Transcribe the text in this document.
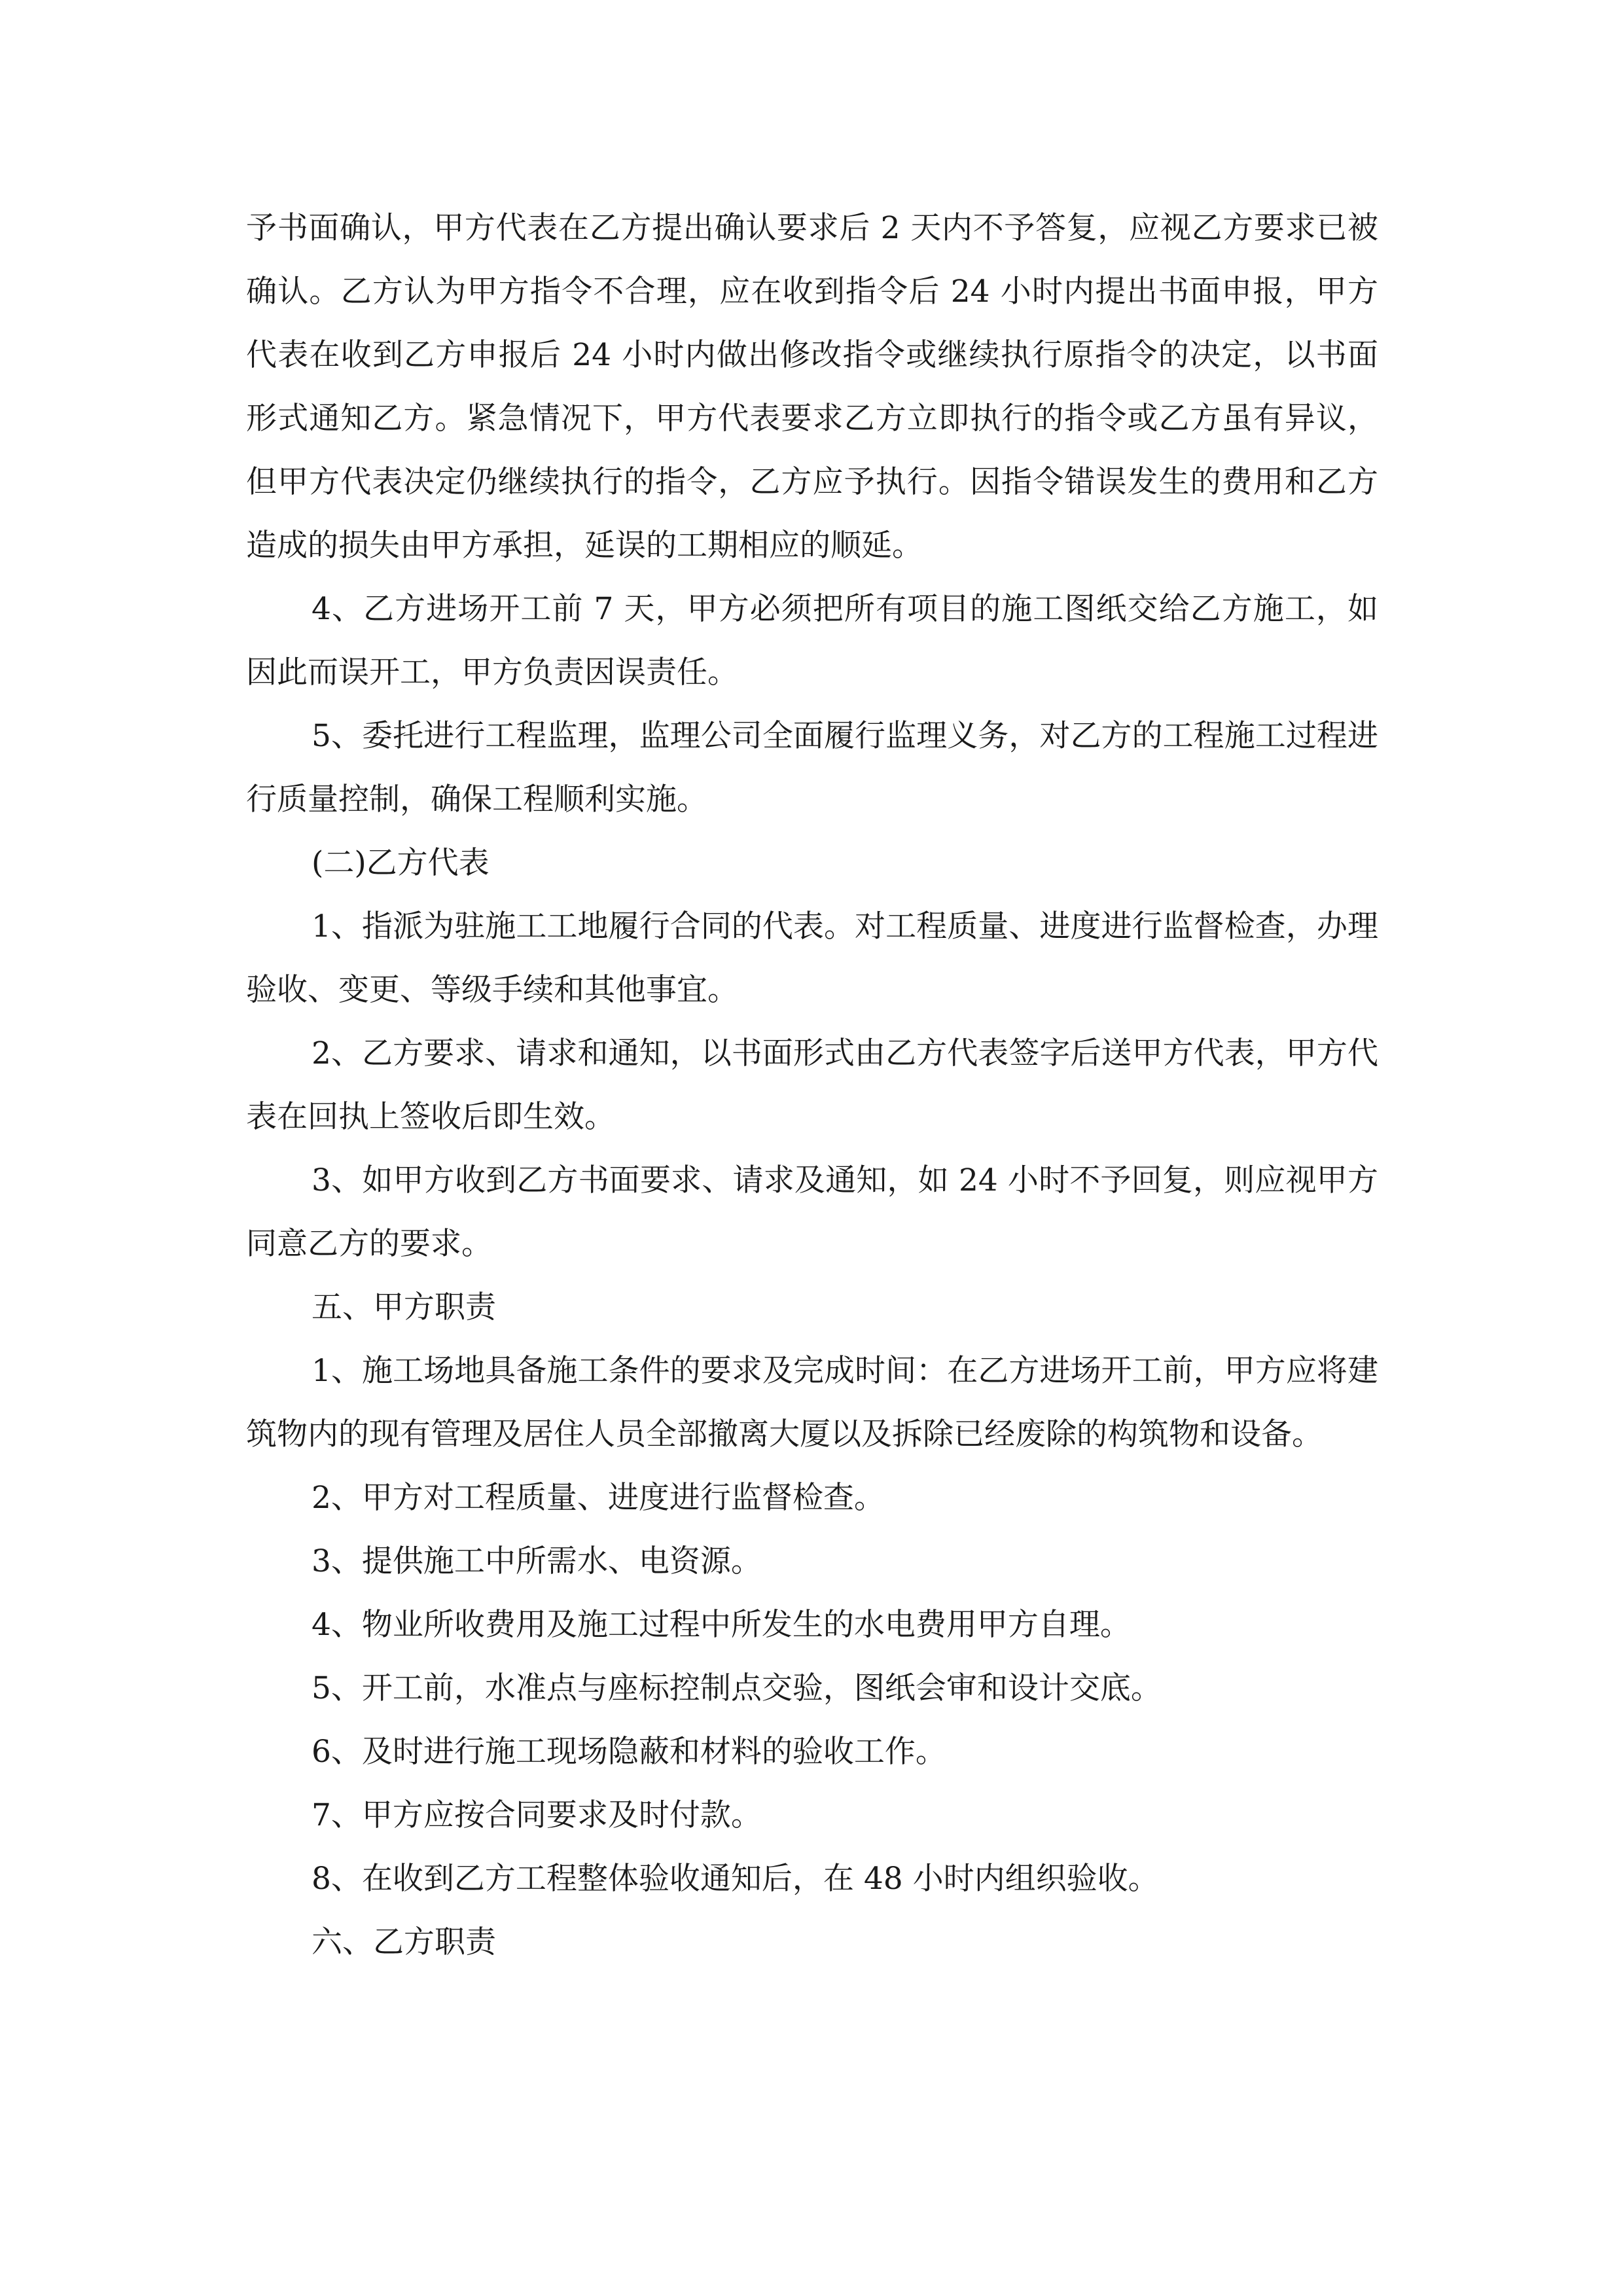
予书面确认，甲方代表在乙方提出确认要求后 2 天内不予答复，应视乙方要求已被确认。乙方认为甲方指令不合理，应在收到指令后 24 小时内提出书面申报，甲方代表在收到乙方申报后 24 小时内做出修改指令或继续执行原指令的决定，以书面形式通知乙方。紧急情况下，甲方代表要求乙方立即执行的指令或乙方虽有异议，但甲方代表决定仍继续执行的指令，乙方应予执行。因指令错误发生的费用和乙方造成的损失由甲方承担，延误的工期相应的顺延。

4、乙方进场开工前 7 天，甲方必须把所有项目的施工图纸交给乙方施工，如因此而误开工，甲方负责因误责任。

5、委托进行工程监理，监理公司全面履行监理义务，对乙方的工程施工过程进行质量控制，确保工程顺利实施。

(二)乙方代表

1、指派为驻施工工地履行合同的代表。对工程质量、进度进行监督检查，办理验收、变更、等级手续和其他事宜。

2、乙方要求、请求和通知，以书面形式由乙方代表签字后送甲方代表，甲方代表在回执上签收后即生效。

3、如甲方收到乙方书面要求、请求及通知，如 24 小时不予回复，则应视甲方同意乙方的要求。

五、甲方职责

1、施工场地具备施工条件的要求及完成时间：在乙方进场开工前，甲方应将建筑物内的现有管理及居住人员全部撤离大厦以及拆除已经废除的构筑物和设备。

2、甲方对工程质量、进度进行监督检查。

3、提供施工中所需水、电资源。

4、物业所收费用及施工过程中所发生的水电费用甲方自理。

5、开工前，水准点与座标控制点交验，图纸会审和设计交底。

6、及时进行施工现场隐蔽和材料的验收工作。

7、甲方应按合同要求及时付款。

8、在收到乙方工程整体验收通知后，在 48 小时内组织验收。

六、乙方职责
